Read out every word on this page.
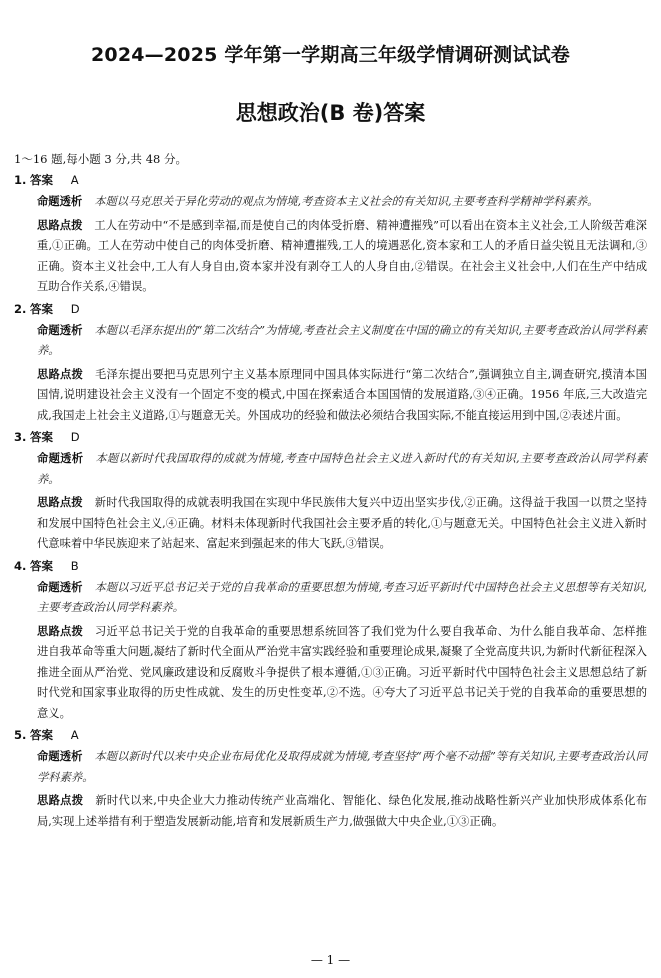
2024—2025 学年第一学期高三年级学情调研测试试卷
思想政治(B 卷)答案
1～16 题,每小题 3 分,共 48 分。
1. 答案 A

命题透析 本题以马克思关于异化劳动的观点为情境,考查资本主义社会的有关知识,主要考查科学精神学科素养。

思路点拨 工人在劳动中“不是感到幸福,而是使自己的肉体受折磨、精神遭摧残”可以看出在资本主义社会,工人阶级苦难深重,①正确。工人在劳动中使自己的肉体受折磨、精神遭摧残,工人的境遇恶化,资本家和工人的矛盾日益尖锐且无法调和,③正确。资本主义社会中,工人有人身自由,资本家并没有剥夺工人的人身自由,②错误。在社会主义社会中,人们在生产中结成互助合作关系,④错误。

2. 答案 D

命题透析 本题以毛泽东提出的“第二次结合”为情境,考查社会主义制度在中国的确立的有关知识,主要考查政治认同学科素养。

思路点拨 毛泽东提出要把马克思列宁主义基本原理同中国具体实际进行“第二次结合”,强调独立自主,调查研究,摸清本国国情,说明建设社会主义没有一个固定不变的模式,中国在探索适合本国国情的发展道路,③④正确。1956 年底,三大改造完成,我国走上社会主义道路,①与题意无关。外国成功的经验和做法必须结合我国实际,不能直接运用到中国,②表述片面。

3. 答案 D

命题透析 本题以新时代我国取得的成就为情境,考查中国特色社会主义进入新时代的有关知识,主要考查政治认同学科素养。

思路点拨 新时代我国取得的成就表明我国在实现中华民族伟大复兴中迈出坚实步伐,②正确。这得益于我国一以贯之坚持和发展中国特色社会主义,④正确。材料未体现新时代我国社会主要矛盾的转化,①与题意无关。中国特色社会主义进入新时代意味着中华民族迎来了站起来、富起来到强起来的伟大飞跃,③错误。

4. 答案 B

命题透析 本题以习近平总书记关于党的自我革命的重要思想为情境,考查习近平新时代中国特色社会主义思想等有关知识,主要考查政治认同学科素养。

思路点拨 习近平总书记关于党的自我革命的重要思想系统回答了我们党为什么要自我革命、为什么能自我革命、怎样推进自我革命等重大问题,凝结了新时代全面从严治党丰富实践经验和重要理论成果,凝聚了全党高度共识,为新时代新征程深入推进全面从严治党、党风廉政建设和反腐败斗争提供了根本遵循,①③正确。习近平新时代中国特色社会主义思想总结了新时代党和国家事业取得的历史性成就、发生的历史性变革,②不选。④夸大了习近平总书记关于党的自我革命的重要思想的意义。

5. 答案 A

命题透析 本题以新时代以来中央企业布局优化及取得成就为情境,考查坚持“两个毫不动摇”等有关知识,主要考查政治认同学科素养。

思路点拨 新时代以来,中央企业大力推动传统产业高端化、智能化、绿色化发展,推动战略性新兴产业加快形成体系化布局,实现上述举措有利于塑造发展新动能,培育和发展新质生产力,做强做大中央企业,①③正确。

— 1 —
